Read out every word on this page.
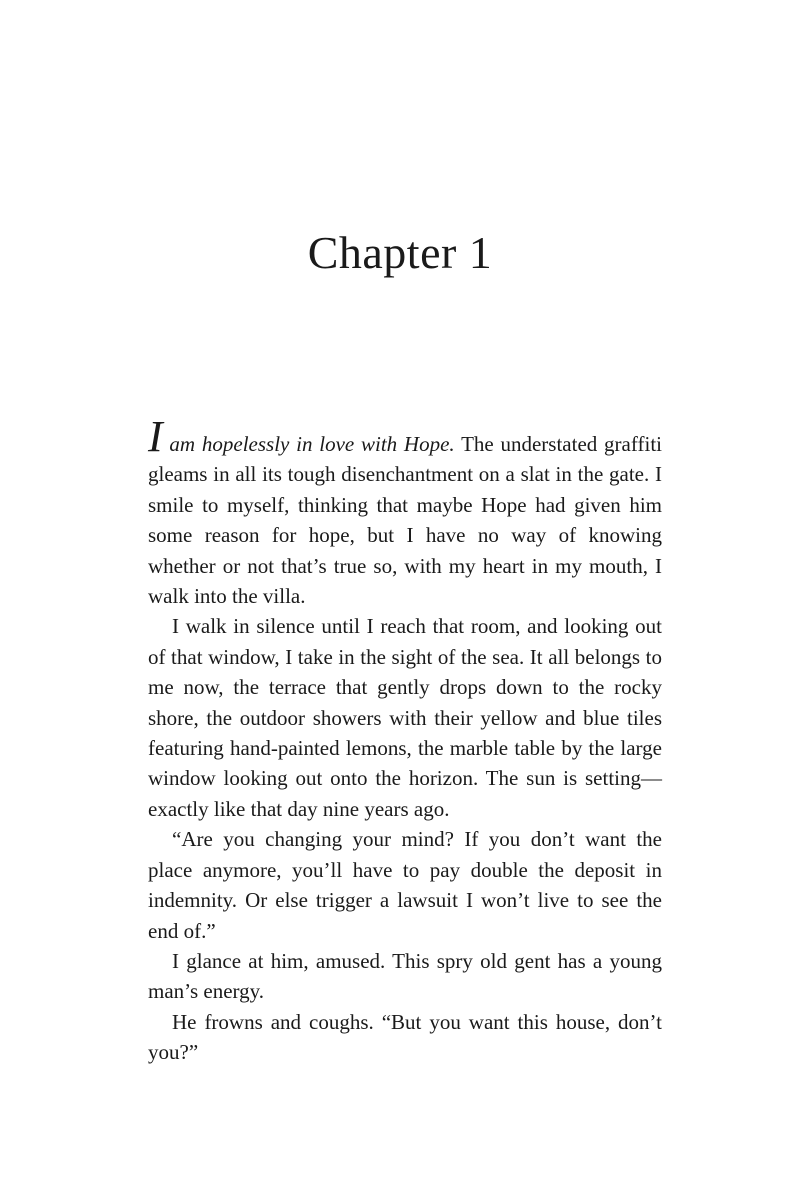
Chapter 1

I am hopelessly in love with Hope. The understated graffiti gleams in all its tough disenchantment on a slat in the gate. I smile to myself, thinking that maybe Hope had given him some reason for hope, but I have no way of knowing whether or not that’s true so, with my heart in my mouth, I walk into the villa.

I walk in silence until I reach that room, and looking out of that window, I take in the sight of the sea. It all belongs to me now, the terrace that gently drops down to the rocky shore, the outdoor showers with their yellow and blue tiles featuring hand-painted lemons, the marble table by the large window looking out onto the horizon. The sun is setting—exactly like that day nine years ago.

“Are you changing your mind? If you don’t want the place anymore, you’ll have to pay double the deposit in indemnity. Or else trigger a lawsuit I won’t live to see the end of.”

I glance at him, amused. This spry old gent has a young man’s energy.

He frowns and coughs. “But you want this house, don’t you?”
